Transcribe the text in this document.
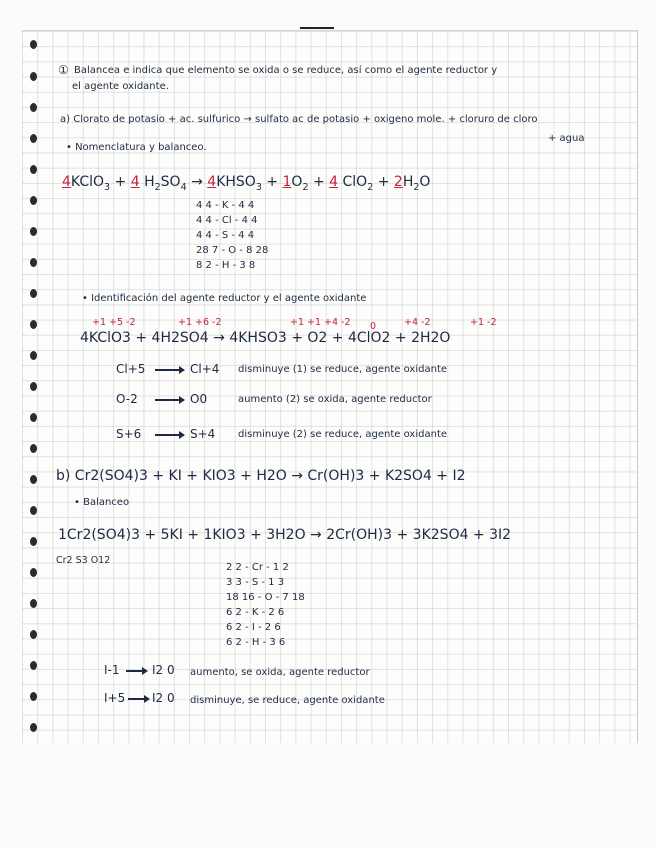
① Balancea e indica que elemento se oxida o se reduce, así como el agente reductor y
el agente oxidante.
a) Clorato de potasio + ac. sulfurico → sulfato ac de potasio + oxigeno mole. + cloruro de cloro
+ agua
• Nomenclatura y balanceo.
4KClO$_3$ + 4 $H_2SO_4$ → $4KHSO_3 + 1O_2 + 4$ $ClO_2 + 2H_2O$
4 4 - K - 4 4
4 4 - Cl - 4 4
4 4 - S - 4 4
28 7 - O - 8 28
8 2 - H - 3 8
• Identificación del agente reductor y el agente oxidante
+1 +5 -2	+1 +6 -2	+1 +1 +4 -2 0	+4 -2	+1 -2
4KClO3 + 4H2SO4 → 4KHSO3 + O2 + 4ClO2 + 2H2O
Cl+5	Cl+4 disminuye (1) se reduce, agente oxidante
O-2	O0	aumento (2) se oxida, agente reductor
S+6	S+4 disminuye (2) se reduce, agente oxidante
b) Cr2(SO4)3 + KI + KIO3 + H2O → Cr(OH)3 + K2SO4 + I2
• Balanceo
1Cr2(SO4)3 + 5KI + 1KIO3 + 3H2O → 2Cr(OH)3 + 3K2SO4 + 3I2
Cr2 S3 O12
2 2 - Cr - 1 2
3 3 - S - 1 3
18 16 - O - 7 18
6 2 - K - 2 6
6 2 - I - 2 6
6 2 - H - 3 6
I-1	I2 0 aumento, se oxida, agente reductor
I+5 I2 0 disminuye, se reduce, agente oxidante
